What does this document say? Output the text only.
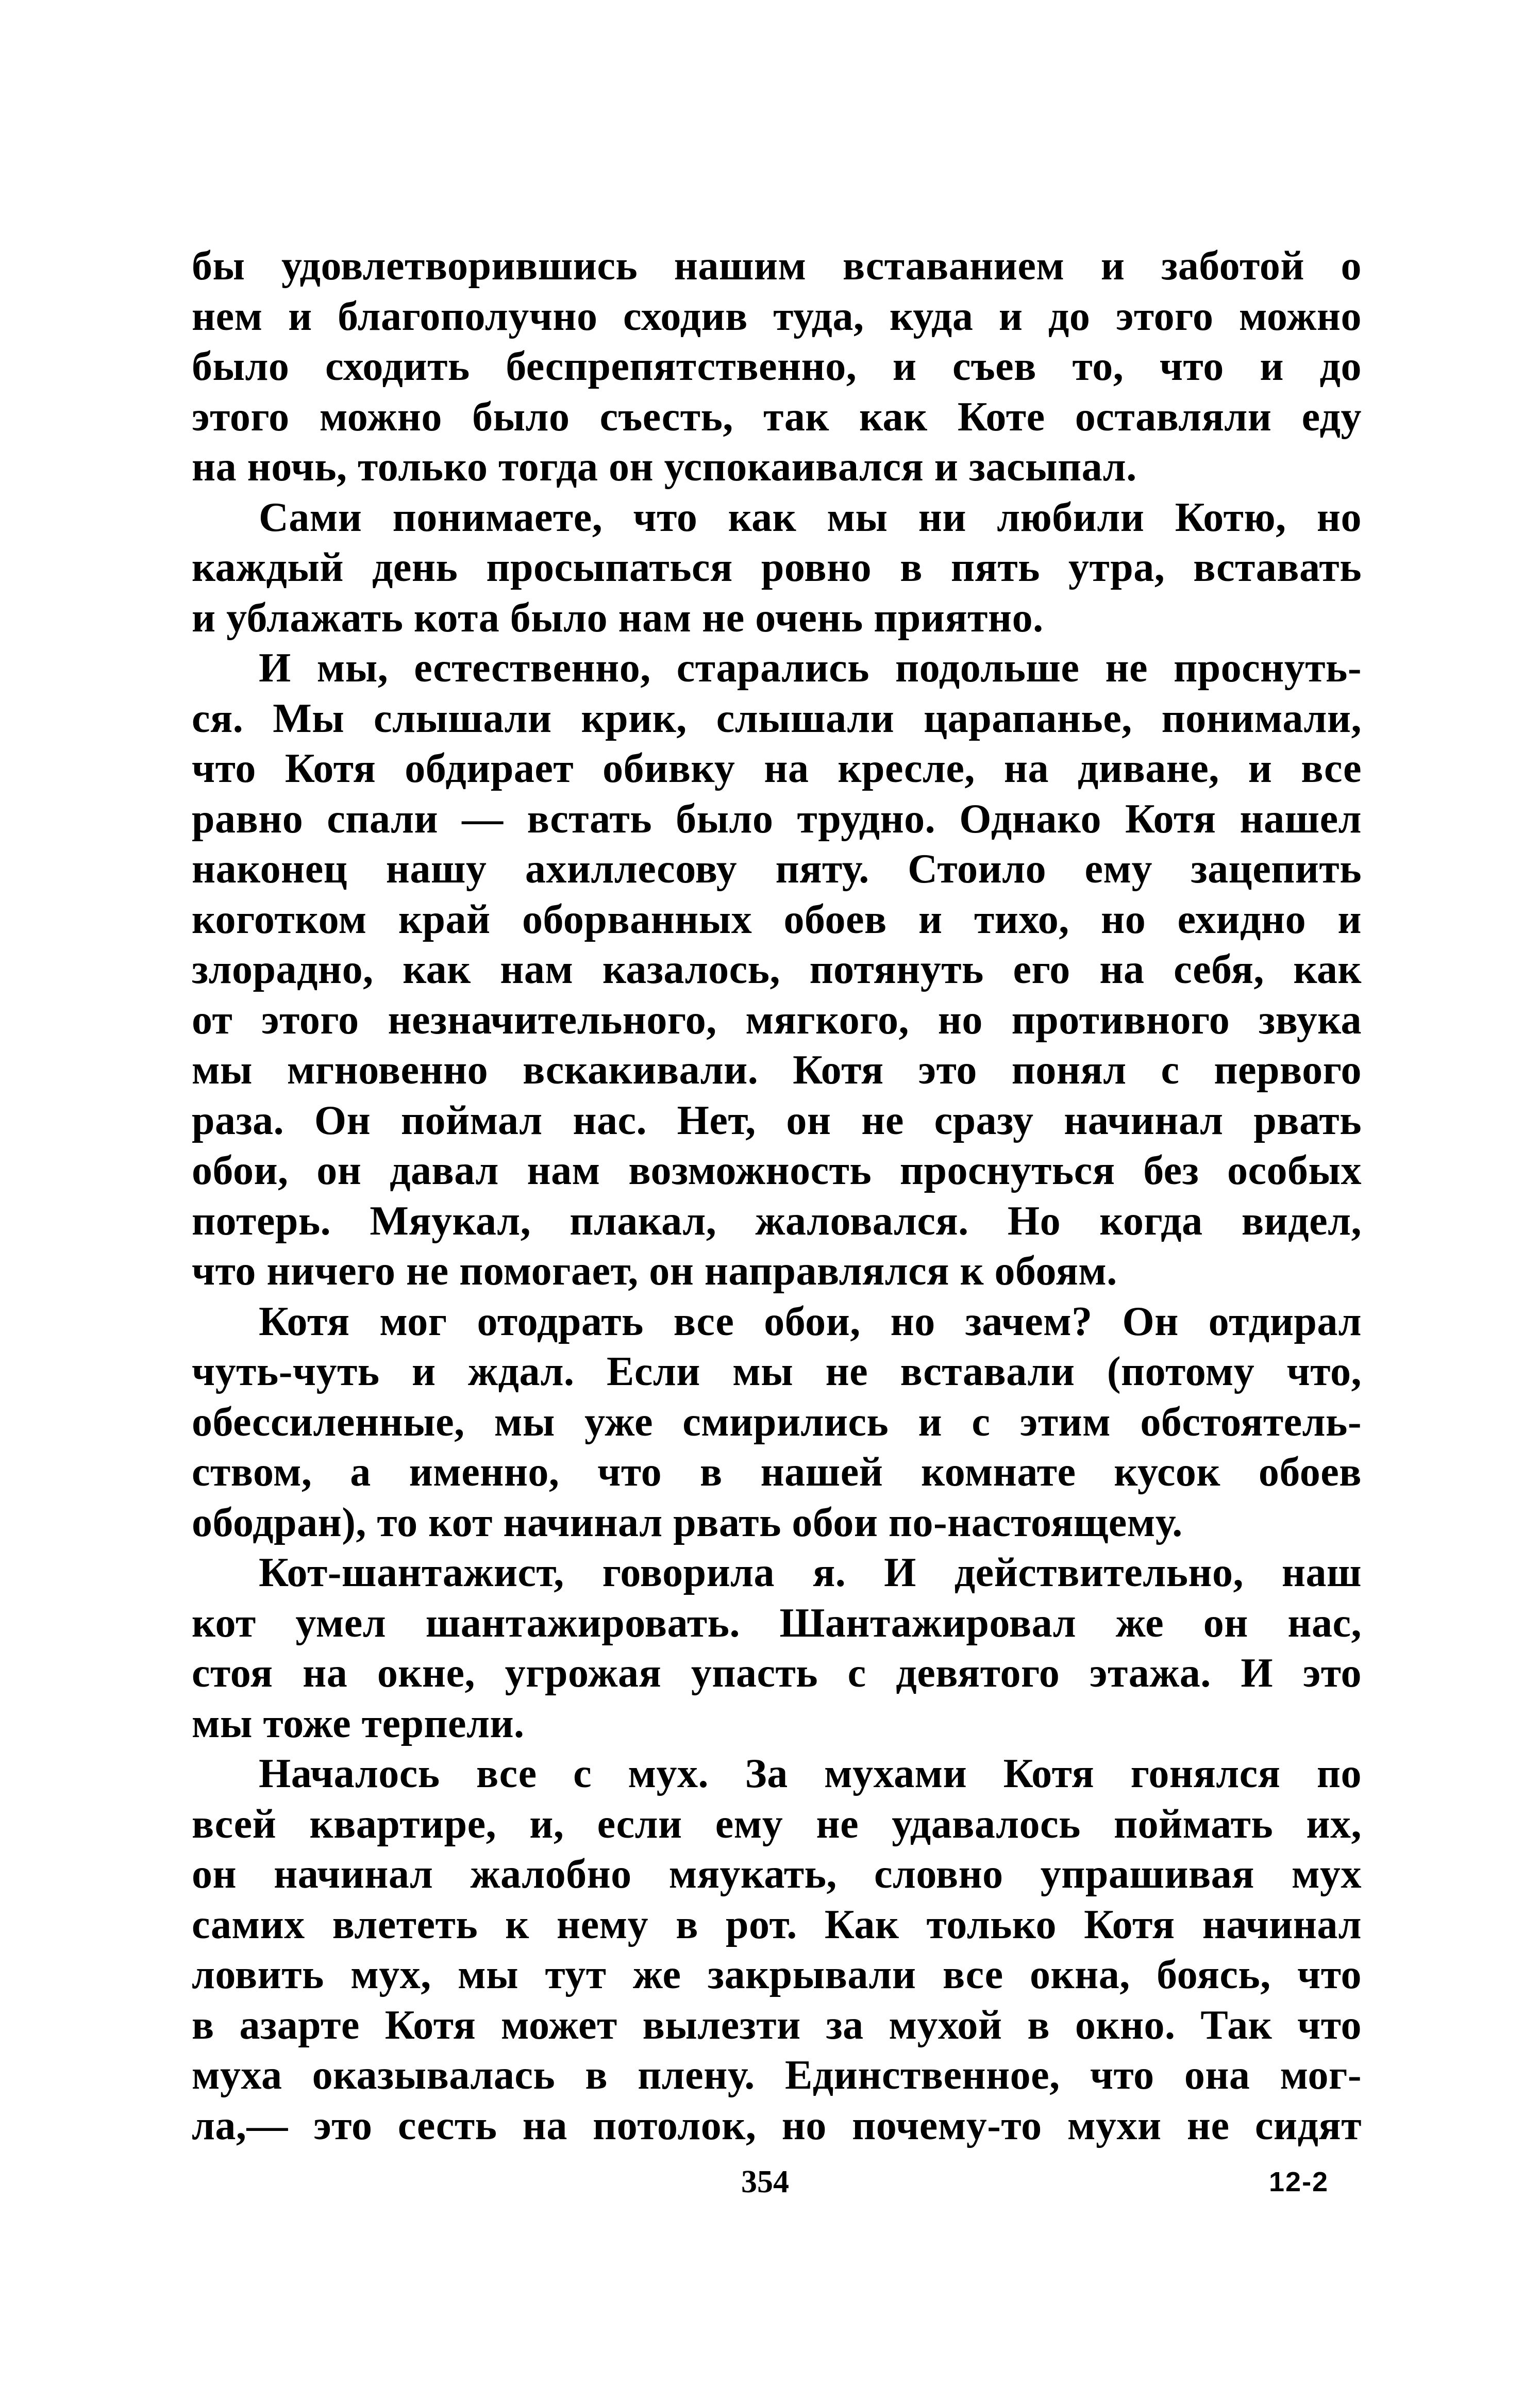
бы удовлетворившись нашим вставанием и заботой о
нем и благополучно сходив туда, куда и до этого можно
было сходить беспрепятственно, и съев то, что и до
этого можно было съесть, так как Коте оставляли еду
на ночь, только тогда он успокаивался и засыпал.
Сами понимаете, что как мы ни любили Котю, но
каждый день просыпаться ровно в пять утра, вставать
и ублажать кота было нам не очень приятно.
И мы, естественно, старались подольше не проснуть-
ся. Мы слышали крик, слышали царапанье, понимали,
что Котя обдирает обивку на кресле, на диване, и все
равно спали — встать было трудно. Однако Котя нашел
наконец нашу ахиллесову пяту. Стоило ему зацепить
коготком край оборванных обоев и тихо, но ехидно и
злорадно, как нам казалось, потянуть его на себя, как
от этого незначительного, мягкого, но противного звука
мы мгновенно вскакивали. Котя это понял с первого
раза. Он поймал нас. Нет, он не сразу начинал рвать
обои, он давал нам возможность проснуться без особых
потерь. Мяукал, плакал, жаловался. Но когда видел,
что ничего не помогает, он направлялся к обоям.
Котя мог отодрать все обои, но зачем? Он отдирал
чуть-чуть и ждал. Если мы не вставали (потому что,
обессиленные, мы уже смирились и с этим обстоятель-
ством, а именно, что в нашей комнате кусок обоев
ободран), то кот начинал рвать обои по-настоящему.
Кот-шантажист, говорила я. И действительно, наш
кот умел шантажировать. Шантажировал же он нас,
стоя на окне, угрожая упасть с девятого этажа. И это
мы тоже терпели.
Началось все с мух. За мухами Котя гонялся по
всей квартире, и, если ему не удавалось поймать их,
он начинал жалобно мяукать, словно упрашивая мух
самих влететь к нему в рот. Как только Котя начинал
ловить мух, мы тут же закрывали все окна, боясь, что
в азарте Котя может вылезти за мухой в окно. Так что
муха оказывалась в плену. Единственное, что она мог-
ла,— это сесть на потолок, но почему-то мухи не сидят
354	12-2
